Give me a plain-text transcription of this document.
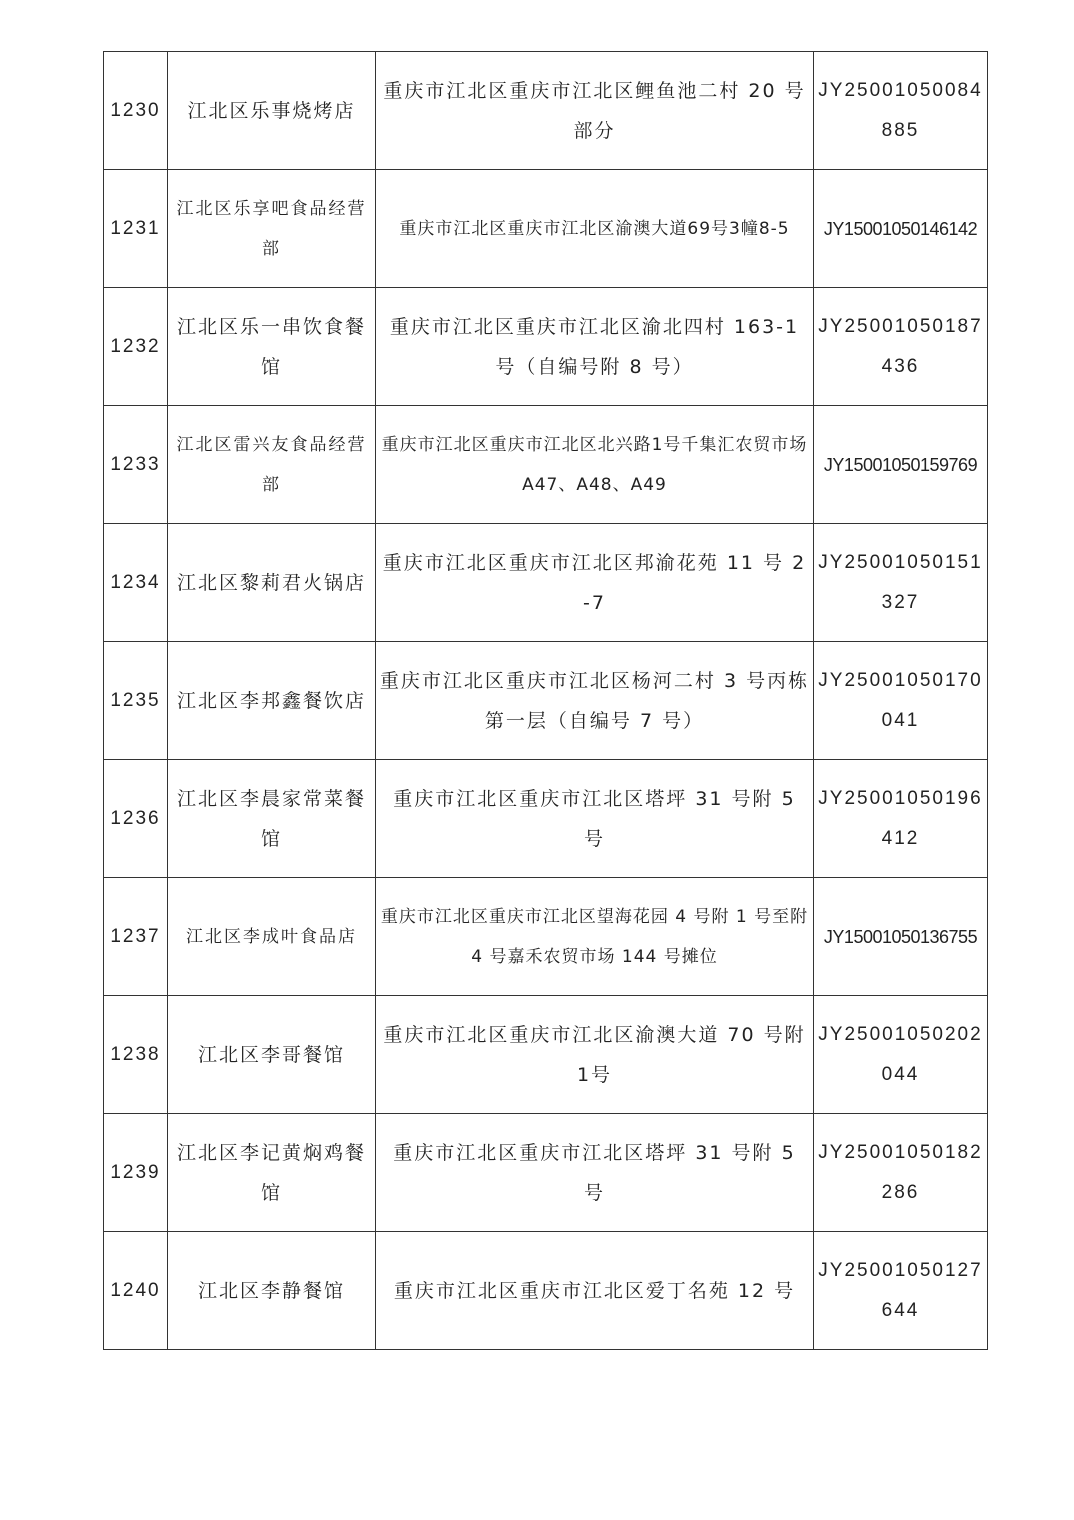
1230	江北区乐事烧烤店	重庆市江北区重庆市江北区鲤鱼池二村 20 号部分	JY25001050084885
1231	江北区乐享吧食品经营部	重庆市江北区重庆市江北区渝澳大道69号3幢8-5	JY15001050146142
1232	江北区乐一串饮食餐馆	重庆市江北区重庆市江北区渝北四村 163-1 号（自编号附 8 号）	JY25001050187436
1233	江北区雷兴友食品经营部	重庆市江北区重庆市江北区北兴路1号千集汇农贸市场 A47、A48、A49	JY15001050159769
1234	江北区黎莉君火锅店	重庆市江北区重庆市江北区邦渝花苑 11 号 2-7	JY25001050151327
1235	江北区李邦鑫餐饮店	重庆市江北区重庆市江北区杨河二村 3 号丙栋第一层（自编号 7 号）	JY25001050170041
1236	江北区李晨家常菜餐馆	重庆市江北区重庆市江北区塔坪 31 号附 5 号	JY25001050196412
1237	江北区李成叶食品店	重庆市江北区重庆市江北区望海花园 4 号附 1 号至附 4 号嘉禾农贸市场 144 号摊位	JY15001050136755
1238	江北区李哥餐馆	重庆市江北区重庆市江北区渝澳大道 70 号附 1号	JY25001050202044
1239	江北区李记黄焖鸡餐馆	重庆市江北区重庆市江北区塔坪 31 号附 5 号	JY25001050182286
1240	江北区李静餐馆	重庆市江北区重庆市江北区爱丁名苑 12 号	JY25001050127644
